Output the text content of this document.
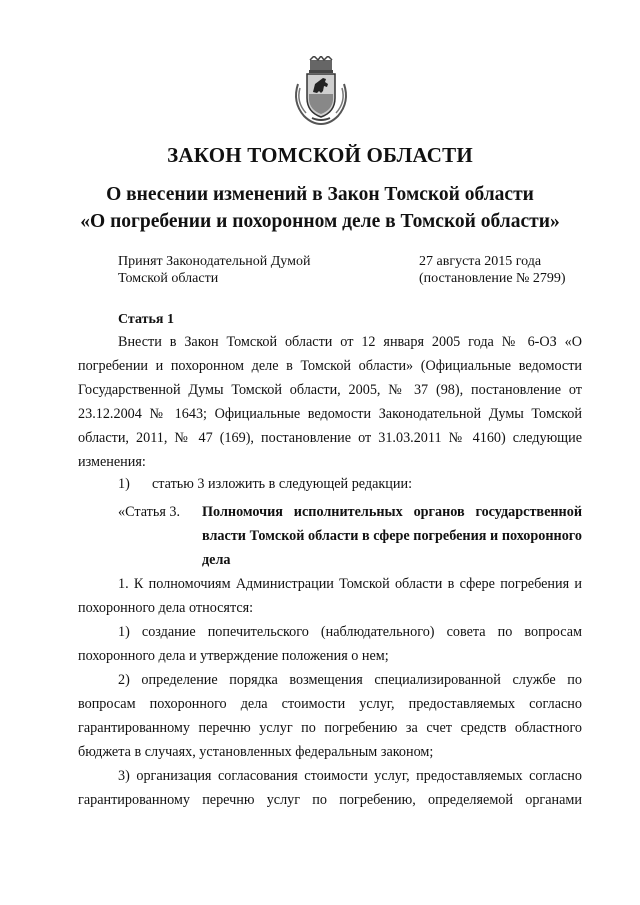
ЗАКОН ТОМСКОЙ ОБЛАСТИ
О внесении изменений в Закон Томской области
«О погребении и похоронном деле в Томской области»
Принят Законодательной Думой
Томской области
27 августа 2015 года
(постановление № 2799)
Статья 1
Внести в Закон Томской области от 12 января 2005 года № 6-ОЗ «О погребении и похоронном деле в Томской области» (Официальные ведомости Государственной Думы Томской области, 2005, № 37 (98), постановление от 23.12.2004 № 1643; Официальные ведомости Законодательной Думы Томской области, 2011, № 47 (169), постановление от 31.03.2011 № 4160) следующие изменения:
1) статью 3 изложить в следующей редакции:
«Статья 3. Полномочия исполнительных органов государственной власти Томской области в сфере погребения и похоронного дела
1. К полномочиям Администрации Томской области в сфере погребения и похоронного дела относятся:
1) создание попечительского (наблюдательного) совета по вопросам похоронного дела и утверждение положения о нем;
2) определение порядка возмещения специализированной службе по вопросам похоронного дела стоимости услуг, предоставляемых согласно гарантированному перечню услуг по погребению за счет средств областного бюджета в случаях, установленных федеральным законом;
3) организация согласования стоимости услуг, предоставляемых согласно гарантированному перечню услуг по погребению, определяемой органами
